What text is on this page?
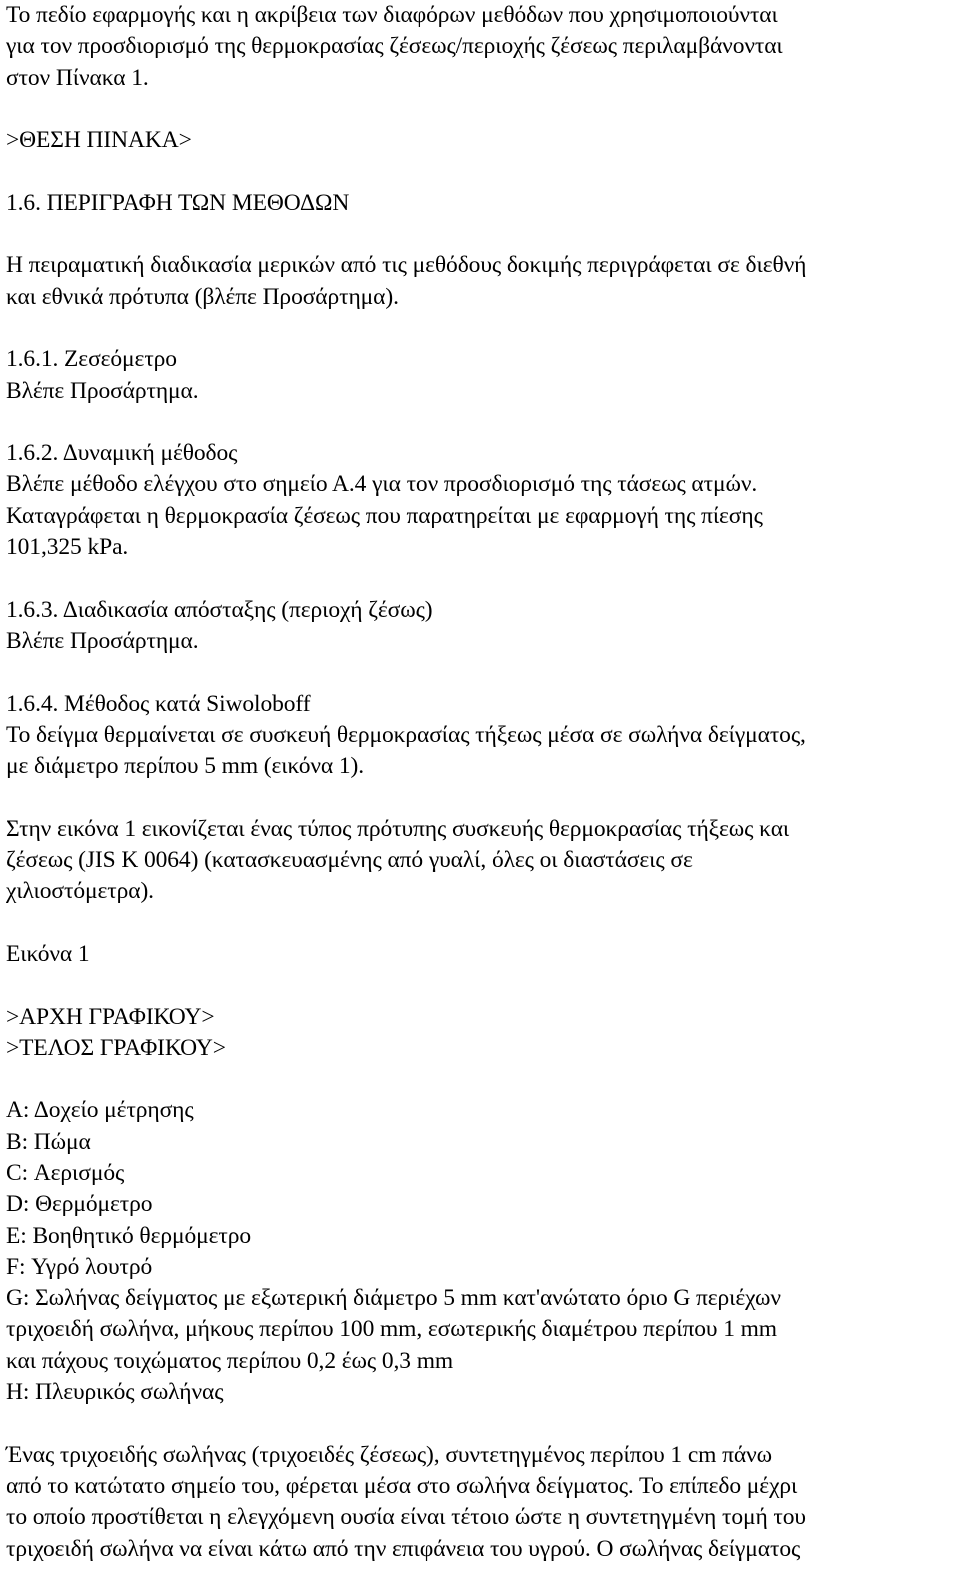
Το πεδίο εφαρμογής και η ακρίβεια των διαφόρων μεθόδων που χρησιμοποιούνται
για τον προσδιορισμό της θερμοκρασίας ζέσεως/περιοχής ζέσεως περιλαμβάνονται
στον Πίνακα 1.
>ΘΕΣΗ ΠΙΝΑΚΑ>
1.6. ΠΕΡΙΓΡΑΦΗ ΤΩΝ ΜΕΘΟΔΩΝ
Η πειραματική διαδικασία μερικών από τις μεθόδους δοκιμής περιγράφεται σε διεθνή
και εθνικά πρότυπα (βλέπε Προσάρτημα).
1.6.1. Ζεσεόμετρο
Βλέπε Προσάρτημα.
1.6.2. Δυναμική μέθοδος
Βλέπε μέθοδο ελέγχου στο σημείο Α.4 για τον προσδιορισμό της τάσεως ατμών.
Καταγράφεται η θερμοκρασία ζέσεως που παρατηρείται με εφαρμογή της πίεσης
101,325 kPa.
1.6.3. Διαδικασία απόσταξης (περιοχή ζέσως)
Βλέπε Προσάρτημα.
1.6.4. Μέθοδος κατά Siwoloboff
Το δείγμα θερμαίνεται σε συσκευή θερμοκρασίας τήξεως μέσα σε σωλήνα δείγματος,
με διάμετρο περίπου 5 mm (εικόνα 1).
Στην εικόνα 1 εικονίζεται ένας τύπος πρότυπης συσκευής θερμοκρασίας τήξεως και
ζέσεως (JIS K 0064) (κατασκευασμένης από γυαλί, όλες οι διαστάσεις σε
χιλιοστόμετρα).
Εικόνα 1
>ΑΡΧΗ ΓΡΑΦΙΚΟΥ>
>ΤΕΛΟΣ ΓΡΑΦΙΚΟΥ>
Α: Δοχείο μέτρησης
Β: Πώμα
C: Αερισμός
D: Θερμόμετρο
E: Βοηθητικό θερμόμετρο
F: Υγρό λουτρό
G: Σωλήνας δείγματος με εξωτερική διάμετρο 5 mm κατ'ανώτατο όριο G περιέχων
τριχοειδή σωλήνα, μήκους περίπου 100 mm, εσωτερικής διαμέτρου περίπου 1 mm
και πάχους τοιχώματος περίπου 0,2 έως 0,3 mm
Η: Πλευρικός σωλήνας
Ένας τριχοειδής σωλήνας (τριχοειδές ζέσεως), συντετηγμένος περίπου 1 cm πάνω
από το κατώτατο σημείο του, φέρεται μέσα στο σωλήνα δείγματος. Το επίπεδο μέχρι
το οποίο προστίθεται η ελεγχόμενη ουσία είναι τέτοιο ώστε η συντετηγμένη τομή του
τριχοειδή σωλήνα να είναι κάτω από την επιφάνεια του υγρού. Ο σωλήνας δείγματος
